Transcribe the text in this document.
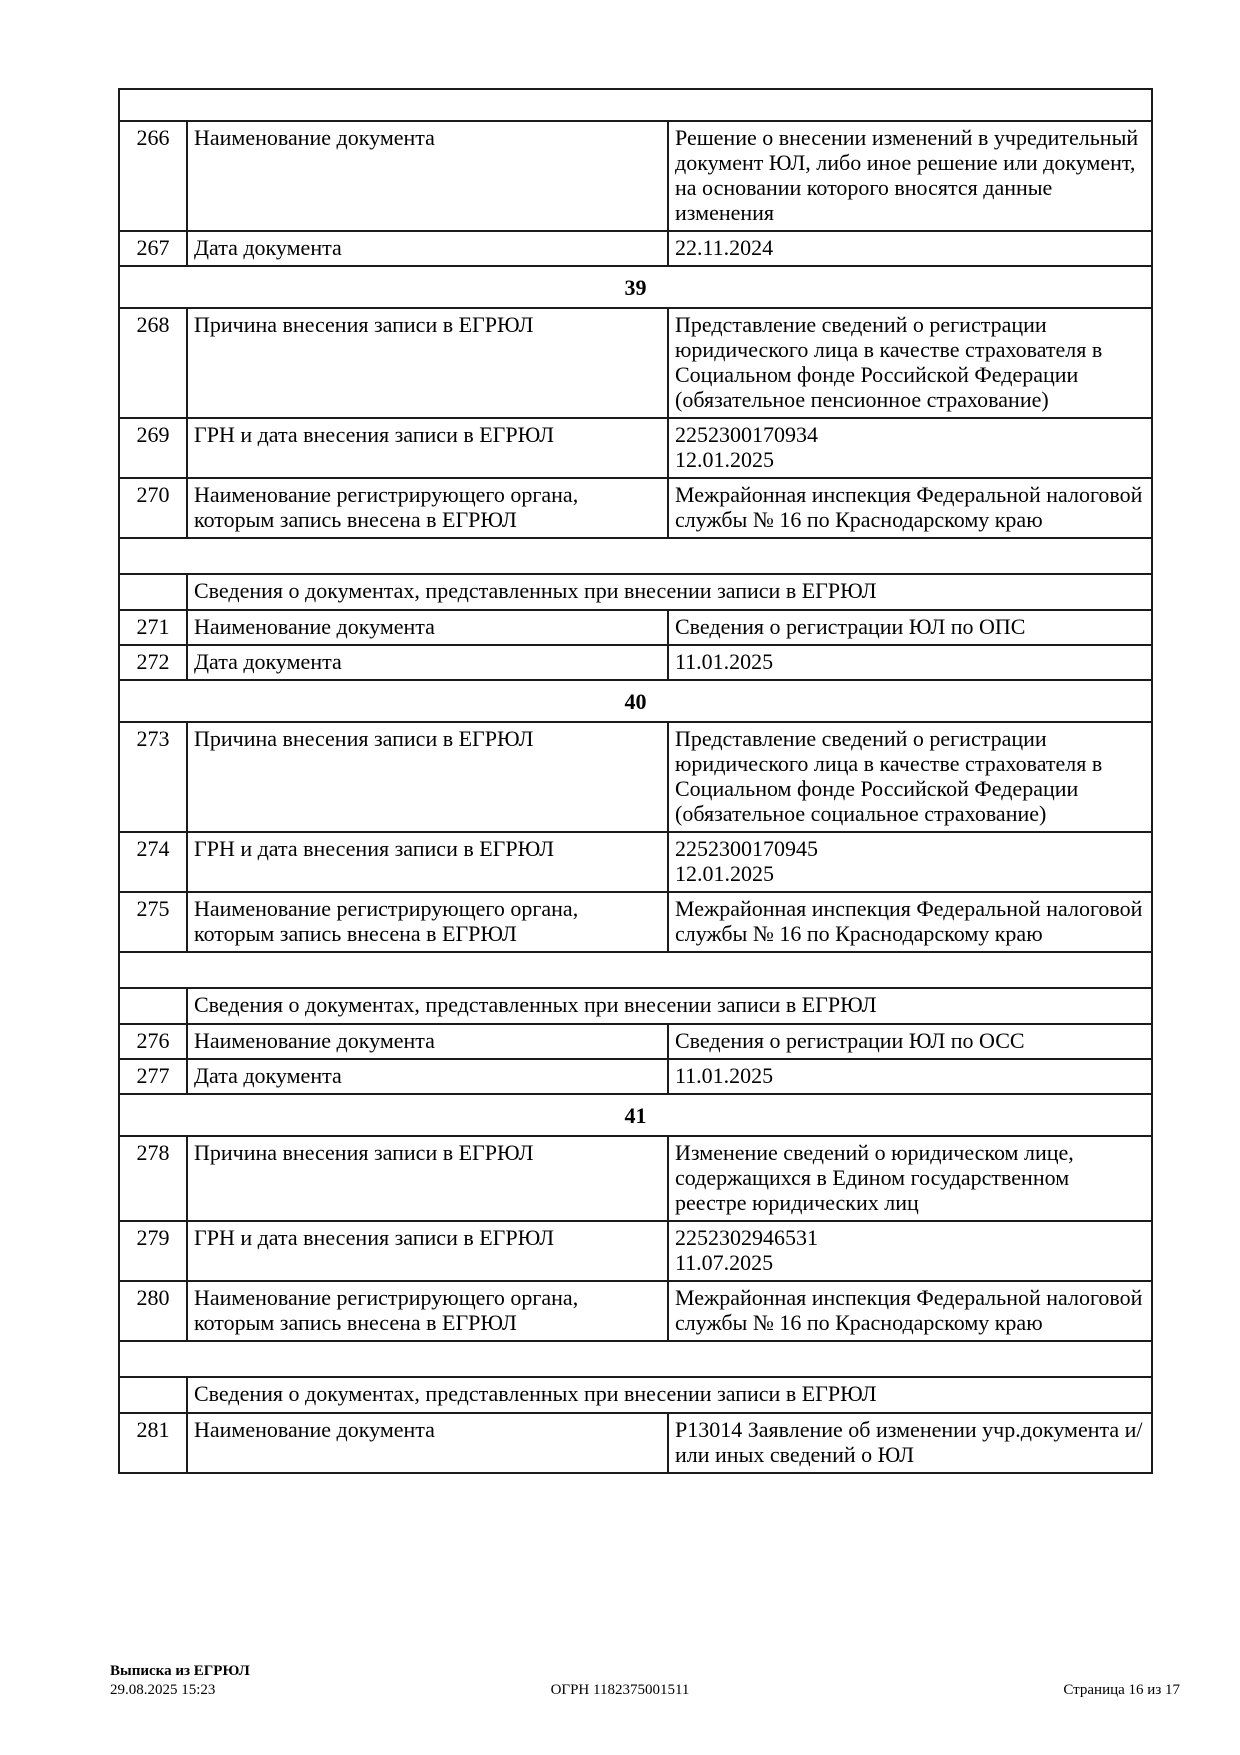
266	Наименование документа	Решение о внесении изменений в учредительный документ ЮЛ, либо иное решение или документ, на основании которого вносятся данные изменения

267	Дата документа	22.11.2024

39		
268	Причина внесения записи в ЕГРЮЛ	Представление сведений о регистрации юридического лица в качестве страхователя в Социальном фонде Российской Федерации (обязательное пенсионное страхование)

269	ГРН и дата внесения записи в ЕГРЮЛ	2252300170934
12.01.2025

270	Наименование регистрирующего органа, которым запись внесена в ЕГРЮЛ	Межрайонная инспекция Федеральной налоговой службы № 16 по Краснодарскому краю

	Сведения о документах, представленных при внесении записи в ЕГРЮЛ	
271	Наименование документа	Сведения о регистрации ЮЛ по ОПС

272	Дата документа	11.01.2025

40		
273	Причина внесения записи в ЕГРЮЛ	Представление сведений о регистрации юридического лица в качестве страхователя в Социальном фонде Российской Федерации (обязательное социальное страхование)

274	ГРН и дата внесения записи в ЕГРЮЛ	2252300170945
12.01.2025

275	Наименование регистрирующего органа, которым запись внесена в ЕГРЮЛ	Межрайонная инспекция Федеральной налоговой службы № 16 по Краснодарскому краю

	Сведения о документах, представленных при внесении записи в ЕГРЮЛ	
276	Наименование документа	Сведения о регистрации ЮЛ по ОСС

277	Дата документа	11.01.2025

41		
278	Причина внесения записи в ЕГРЮЛ	Изменение сведений о юридическом лице, содержащихся в Едином государственном реестре юридических лиц

279	ГРН и дата внесения записи в ЕГРЮЛ	2252302946531
11.07.2025

280	Наименование регистрирующего органа, которым запись внесена в ЕГРЮЛ	Межрайонная инспекция Федеральной налоговой службы № 16 по Краснодарскому краю

	Сведения о документах, представленных при внесении записи в ЕГРЮЛ	
281	Наименование документа	Р13014 Заявление об изменении учр.документа и/или иных сведений о ЮЛ
Выписка из ЕГРЮЛ
29.08.2025 15:23	ОГРН 1182375001511	Страница 16 из 17
